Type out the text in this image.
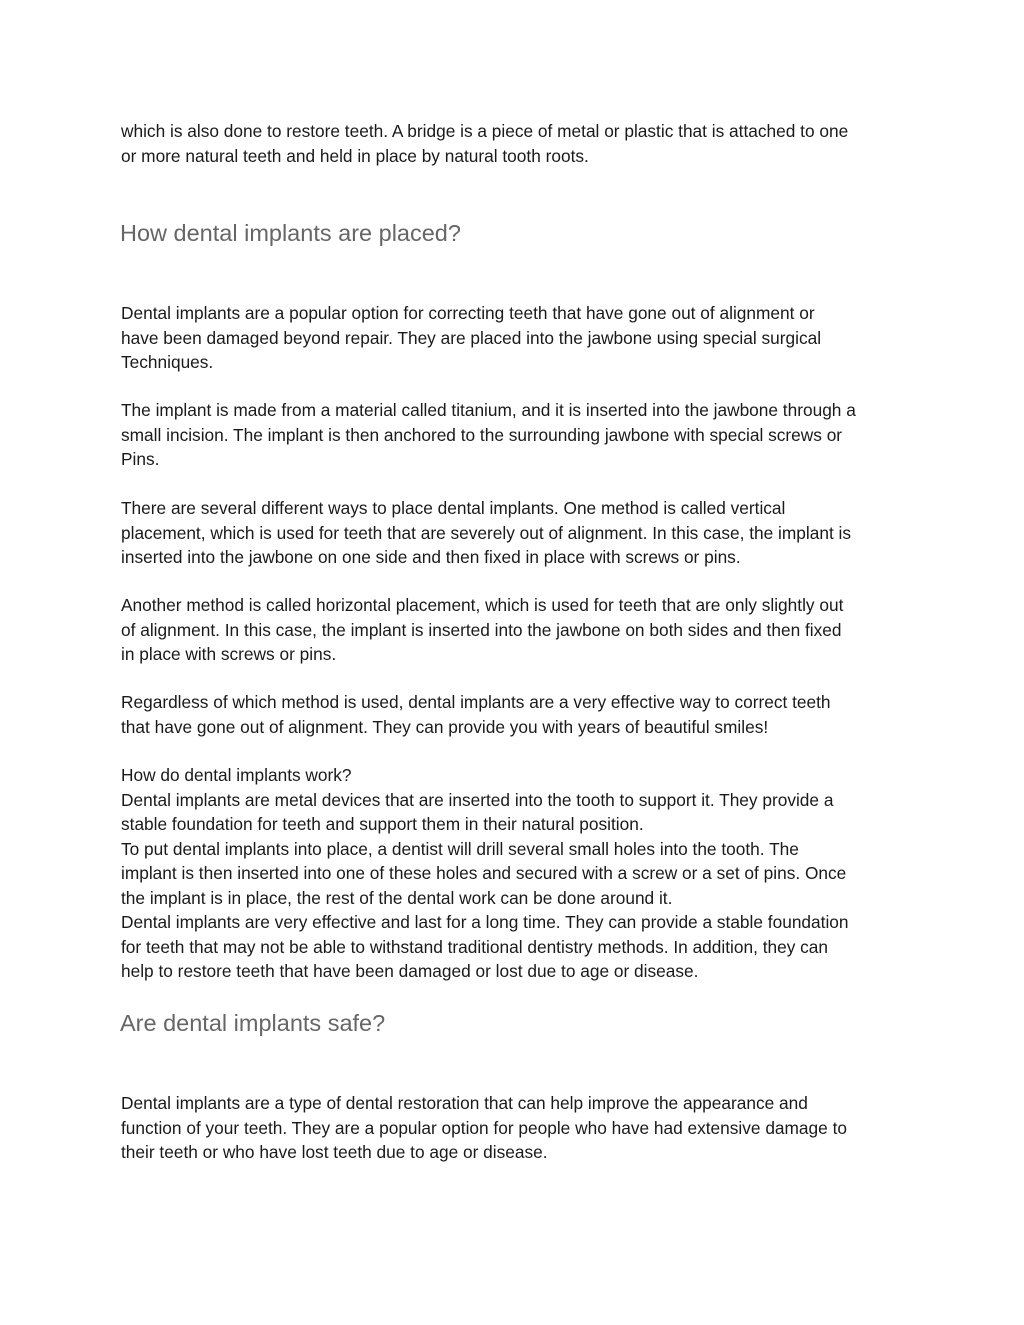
which is also done to restore teeth. A bridge is a piece of metal or plastic that is attached to one
or more natural teeth and held in place by natural tooth roots.

How dental implants are placed?

Dental implants are a popular option for correcting teeth that have gone out of alignment or
have been damaged beyond repair. They are placed into the jawbone using special surgical
Techniques.

The implant is made from a material called titanium, and it is inserted into the jawbone through a
small incision. The implant is then anchored to the surrounding jawbone with special screws or
Pins.

There are several different ways to place dental implants. One method is called vertical
placement, which is used for teeth that are severely out of alignment. In this case, the implant is
inserted into the jawbone on one side and then fixed in place with screws or pins.

Another method is called horizontal placement, which is used for teeth that are only slightly out
of alignment. In this case, the implant is inserted into the jawbone on both sides and then fixed
in place with screws or pins.

Regardless of which method is used, dental implants are a very effective way to correct teeth
that have gone out of alignment. They can provide you with years of beautiful smiles!

How do dental implants work?
Dental implants are metal devices that are inserted into the tooth to support it. They provide a
stable foundation for teeth and support them in their natural position.
To put dental implants into place, a dentist will drill several small holes into the tooth. The
implant is then inserted into one of these holes and secured with a screw or a set of pins. Once
the implant is in place, the rest of the dental work can be done around it.
Dental implants are very effective and last for a long time. They can provide a stable foundation
for teeth that may not be able to withstand traditional dentistry methods. In addition, they can
help to restore teeth that have been damaged or lost due to age or disease.

Are dental implants safe?

Dental implants are a type of dental restoration that can help improve the appearance and
function of your teeth. They are a popular option for people who have had extensive damage to
their teeth or who have lost teeth due to age or disease.
